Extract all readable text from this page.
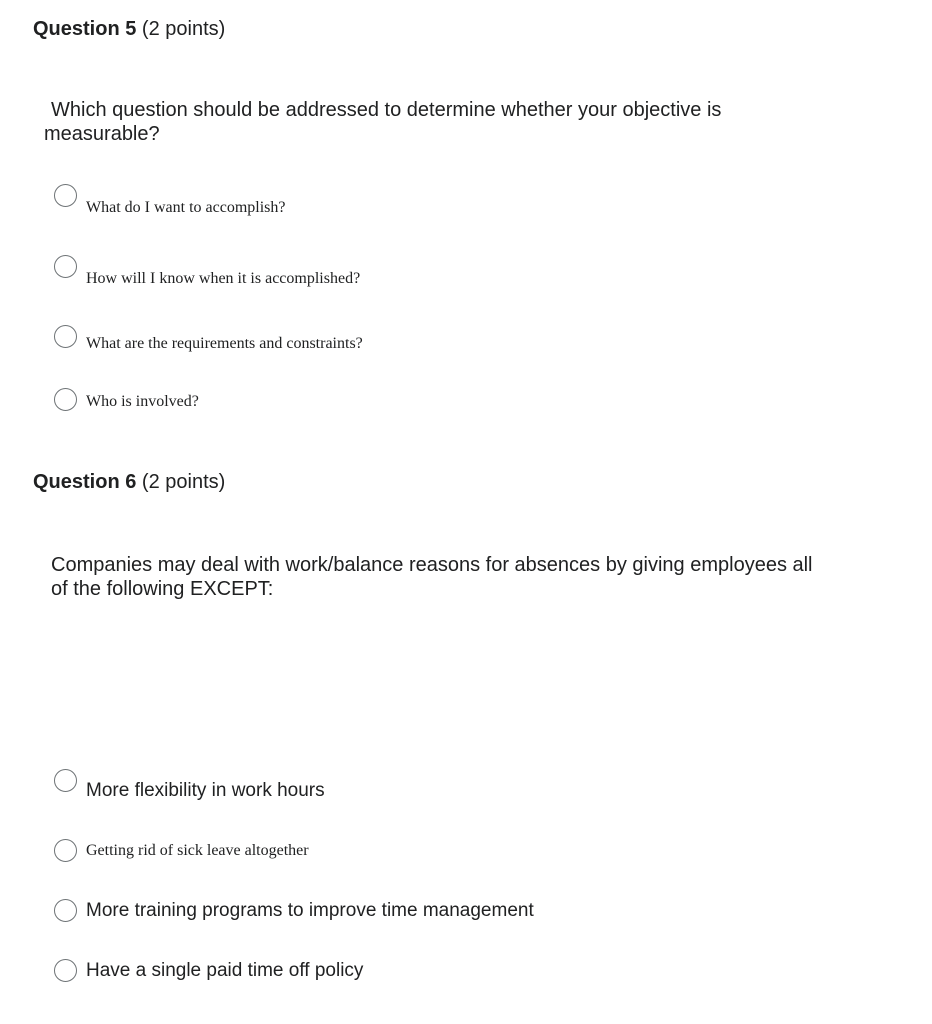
Question 5 (2 points)
Which question should be addressed to determine whether your objective is
measurable?
What do I want to accomplish?
How will I know when it is accomplished?
What are the requirements and constraints?
Who is involved?
Question 6 (2 points)
Companies may deal with work/balance reasons for absences by giving employees all
of the following EXCEPT:
More flexibility in work hours
Getting rid of sick leave altogether
More training programs to improve time management
Have a single paid time off policy
